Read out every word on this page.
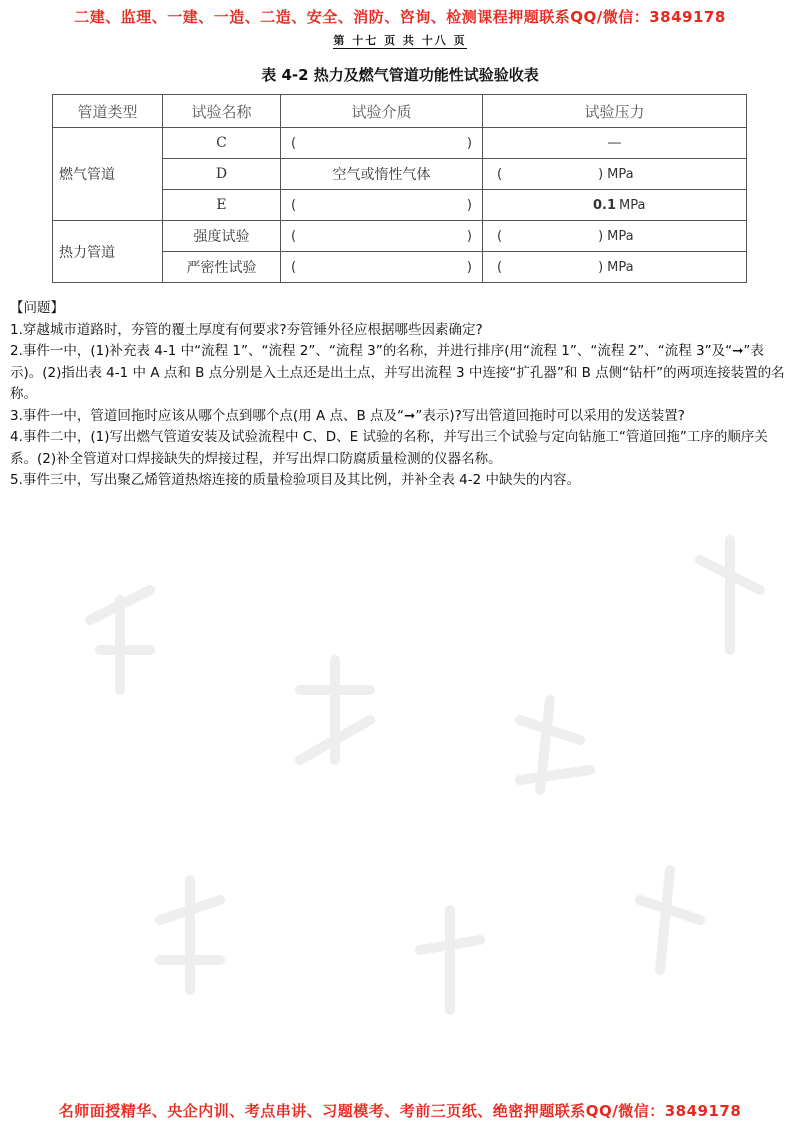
二建、监理、一建、一造、二造、安全、消防、咨询、检测课程押题联系QQ/微信：3849178
第 十七 页 共 十八 页
表 4-2 热力及燃气管道功能性试验验收表
管道类型	试验名称	试验介质	试验压力
燃气管道	C	( )	—

	D	空气或惰性气体	( ) MPa

	E	( )	0.1 MPa

热力管道	强度试验	( )	( ) MPa

	严密性试验	( )	( ) MPa

【问题】

1.穿越城市道路时，夯管的覆土厚度有何要求?夯管锤外径应根据哪些因素确定?

2.事件一中，(1)补充表 4-1 中“流程 1”、“流程 2”、“流程 3”的名称，并进行排序(用“流程 1”、“流程 2”、“流程 3”及“➞”表示)。(2)指出表 4-1 中 A 点和 B 点分别是入土点还是出土点，并写出流程 3 中连接“扩孔器”和 B 点侧“钻杆”的两项连接装置的名称。

3.事件一中，管道回拖时应该从哪个点到哪个点(用 A 点、B 点及“➞”表示)?写出管道回拖时可以采用的发送装置?

4.事件二中，(1)写出燃气管道安装及试验流程中 C、D、E 试验的名称，并写出三个试验与定向钻施工“管道回拖”工序的顺序关系。(2)补全管道对口焊接缺失的焊接过程，并写出焊口防腐质量检测的仪器名称。

5.事件三中，写出聚乙烯管道热熔连接的质量检验项目及其比例，并补全表 4-2 中缺失的内容。

名师面授精华、央企内训、考点串讲、习题模考、考前三页纸、绝密押题联系QQ/微信：3849178
